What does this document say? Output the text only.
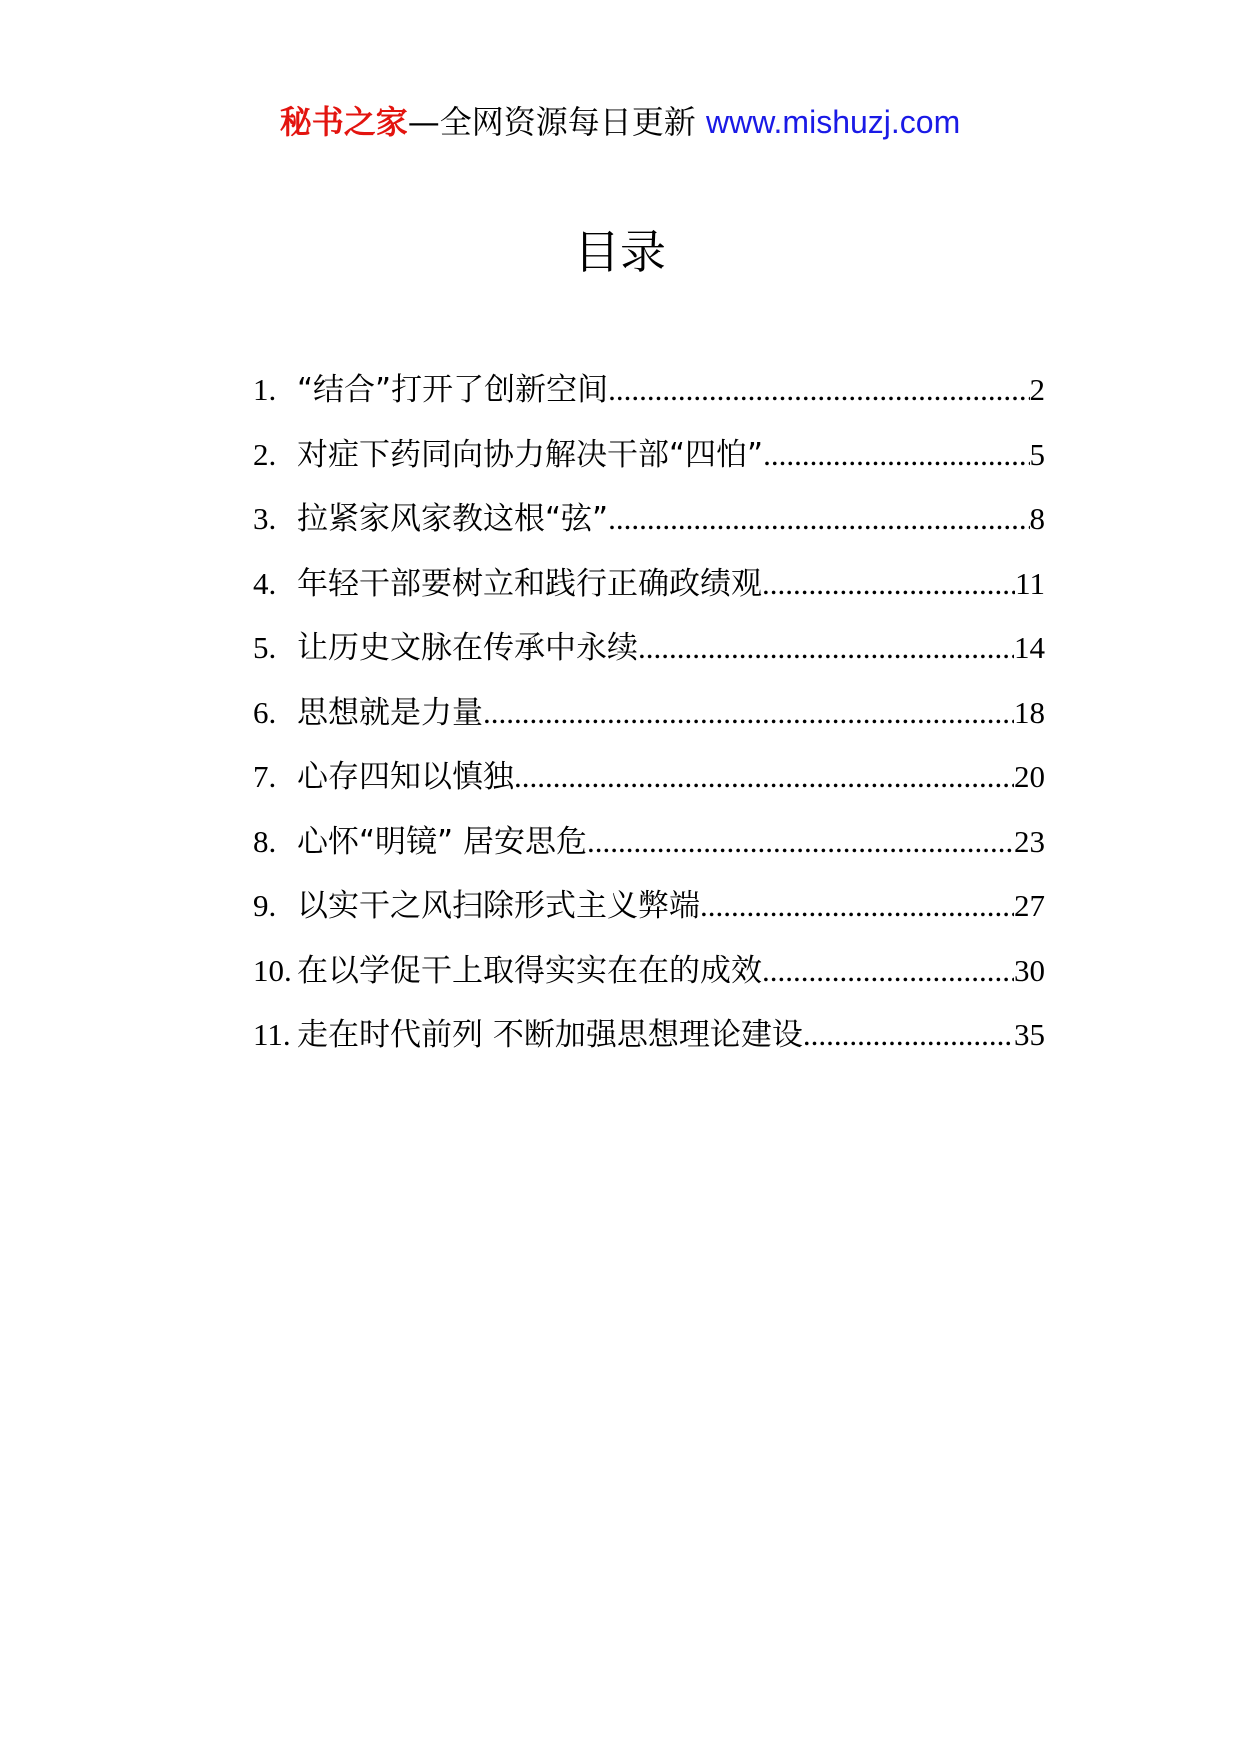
秘书之家—全网资源每日更新 www.mishuzj.com
目录
1. “结合”打开了创新空间 .....	2
2. 对症下药同向协力解决干部“四怕” .....	5
3. 拉紧家风家教这根“弦” .....	8
4. 年轻干部要树立和践行正确政绩观 .....	11
5. 让历史文脉在传承中永续 .....	14
6. 思想就是力量 .....	18
7. 心存四知以慎独 .....	20
8. 心怀“明镜” 居安思危 .....	23
9. 以实干之风扫除形式主义弊端 .....	27
10. 在以学促干上取得实实在在的成效 .....	30
11. 走在时代前列 不断加强思想理论建设 .....	35
